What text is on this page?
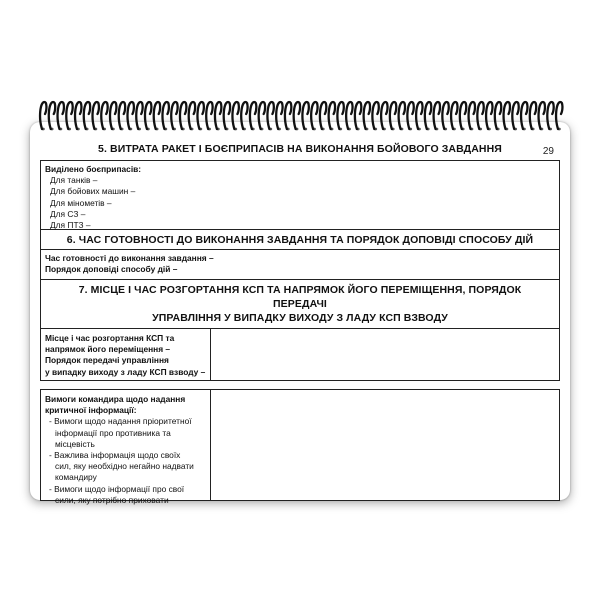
29
5. ВИТРАТА РАКЕТ І БОЄПРИПАСІВ НА ВИКОНАННЯ БОЙОВОГО ЗАВДАННЯ
Виділено боєприпасів:
Для танків –
Для бойових машин –
Для мінометів –
Для СЗ –
Для ПТЗ –
6. ЧАС ГОТОВНОСТІ ДО ВИКОНАННЯ ЗАВДАННЯ ТА ПОРЯДОК ДОПОВІДІ СПОСОБУ ДІЙ
Час готовності до виконання завдання –
Порядок доповіді способу дій –
7. МІСЦЕ І ЧАС РОЗГОРТАННЯ КСП ТА НАПРЯМОК ЙОГО ПЕРЕМІЩЕННЯ, ПОРЯДОК ПЕРЕДАЧІ
УПРАВЛІННЯ У ВИПАДКУ ВИХОДУ З ЛАДУ КСП ВЗВОДУ
Місце і час розгортання КСП та
напрямок його переміщення –
Порядок передачі управління
у випадку виходу з ладу КСП взводу –
Вимоги командира щодо надання
критичної інформації:
- Вимоги щодо надання пріоритетної
інформації про противника та
місцевість
- Важлива інформація щодо своїх
сил, яку необхідно негайно надвати
командиру
- Вимоги щодо інформації про свої
сили, яку потрібно приховати
